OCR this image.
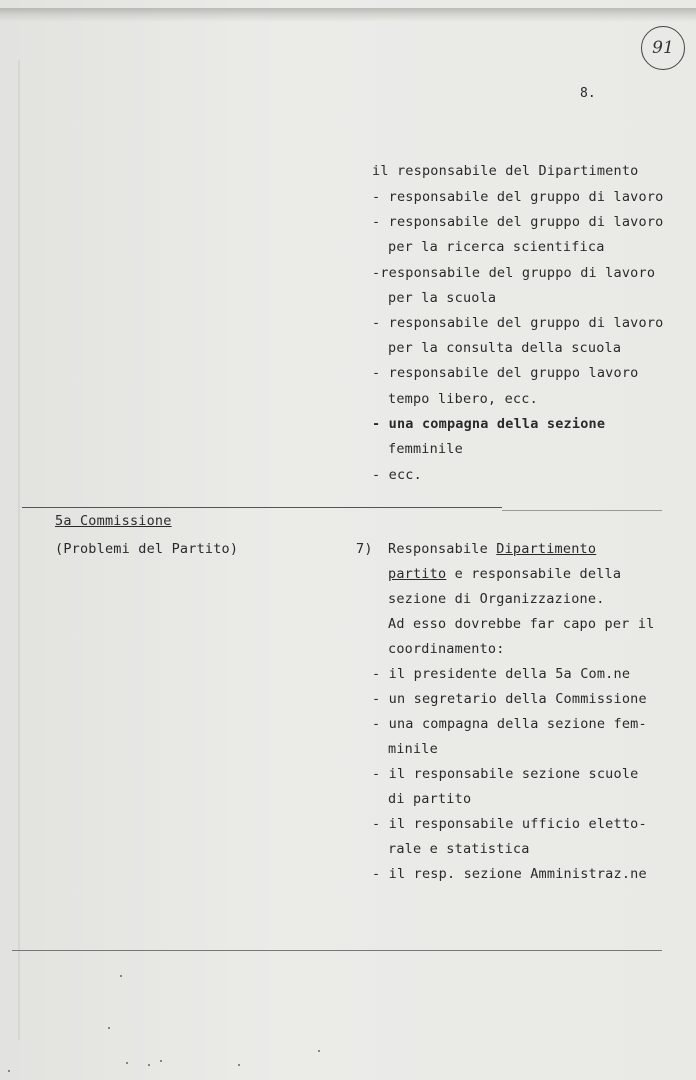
91
8.
il responsabile del Dipartimento
- responsabile del gruppo di lavoro
- responsabile del gruppo di lavoro
per la ricerca scientifica
-responsabile del gruppo di lavoro
per la scuola
- responsabile del gruppo di lavoro
per la consulta della scuola
- responsabile del gruppo lavoro
tempo libero, ecc.
- una compagna della sezione
femminile
- ecc.
5a Commissione
(Problemi del Partito)	7) Responsabile Dipartimento
partito e responsabile della
sezione di Organizzazione.
Ad esso dovrebbe far capo per il
coordinamento:
- il presidente della 5a Com.ne
- un segretario della Commissione
- una compagna della sezione fem-
minile
- il responsabile sezione scuole
di partito
- il responsabile ufficio eletto-
rale e statistica
- il resp. sezione Amministraz.ne
